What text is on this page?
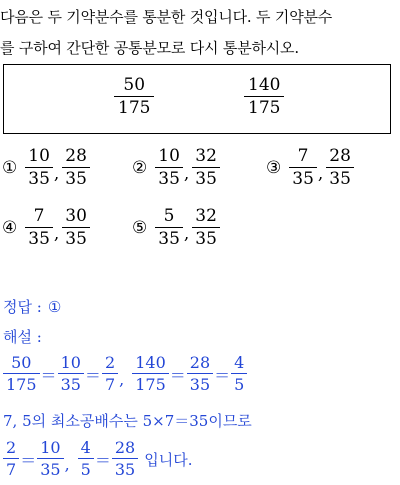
다음은 두 기약분수를 통분한 것입니다. 두 기약분수
를 구하여 간단한 공통분모로 다시 통분하시오.
$\frac{50}{175}$	$\frac{140}{175}$
① $\frac{10}{35}$ , $\frac{28}{35}$ ② $\frac{10}{35}$ , $\frac{32}{35}$	③ $\frac{7}{35}$ , $\frac{28}{35}$
④ $\frac{7}{35}$ , $\frac{30}{35}$ ⑤ $\frac{5}{35}$ , $\frac{32}{35}$
정답 : ①
해설 :
$\frac{50}{175} = \frac{10}{35} = \frac{2}{7}$ , $\frac{140}{175} = \frac{28}{35} = \frac{4}{5}$
7, 5의 최소공배수는 5×7＝35이므로
$\frac{2}{7} = \frac{10}{35}$ , $\frac{4}{5} = \frac{28}{35}$ 입니다.
